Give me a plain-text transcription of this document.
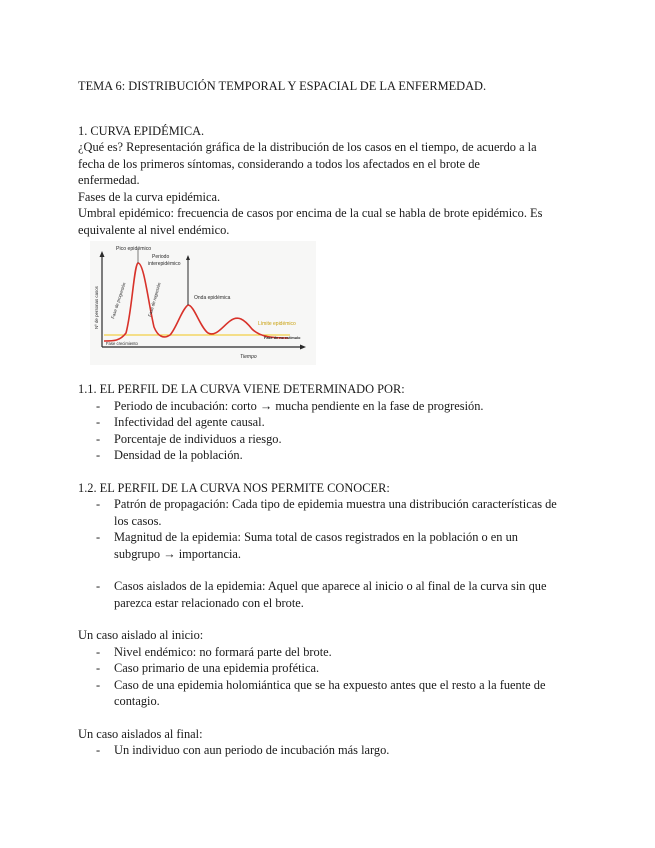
TEMA 6: DISTRIBUCIÓN TEMPORAL Y ESPACIAL DE LA ENFERMEDAD.

1. CURVA EPIDÉMICA.

¿Qué es? Representación gráfica de la distribución de los casos en el tiempo, de acuerdo a la

fecha de los primeros síntomas, considerando a todos los afectados en el brote de

enfermedad.

Fases de la curva epidémica.

Umbral epidémico: frecuencia de casos por encima de la cual se habla de brote epidémico. Es

equivalente al nivel endémico.

Pico epidémico
Periodo
interepidémico
Onda epidémica
Límite epidémico
Fase de no estimulo
Fase crecimiento
Fase de progresión	Fase de regresión
Nº de personas casos
Tiempo

1.1. EL PERFIL DE LA CURVA VIENE DETERMINADO POR:

- Periodo de incubación: corto → mucha pendiente en la fase de progresión.
- Infectividad del agente causal.
- Porcentaje de individuos a riesgo.
- Densidad de la población.

1.2. EL PERFIL DE LA CURVA NOS PERMITE CONOCER:

- Patrón de propagación: Cada tipo de epidemia muestra una distribución características de
los casos.
- Magnitud de la epidemia: Suma total de casos registrados en la población o en un
subgrupo → importancia.
- Casos aislados de la epidemia: Aquel que aparece al inicio o al final de la curva sin que
parezca estar relacionado con el brote.

Un caso aislado al inicio:

- Nivel endémico: no formará parte del brote.
- Caso primario de una epidemia profética.
- Caso de una epidemia holomiántica que se ha expuesto antes que el resto a la fuente de
contagio.

Un caso aislados al final:

- Un individuo con aun periodo de incubación más largo.
